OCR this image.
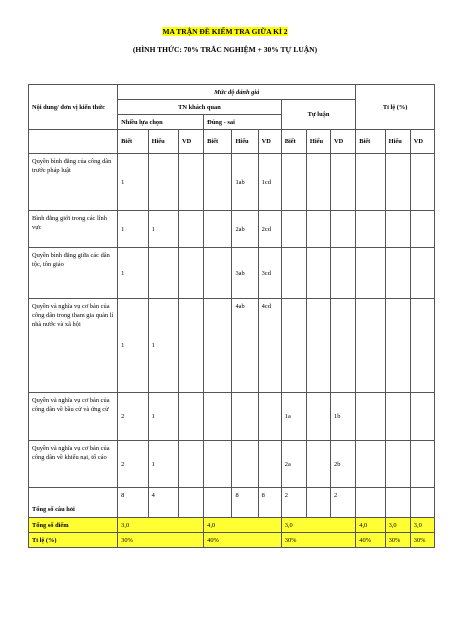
MA TRẬN ĐỀ KIỂM TRA GIỮA KÌ 2
(HÌNH THỨC: 70% TRẮC NGHIỆM + 30% TỰ LUẬN)
Nội dung/ đơn vị kiến thức	Mức độ đánh giá									Tỉ lệ (%)		
	TN khách quan						Tự luận					
	Nhiều lựa chọn			Đúng - sai								
	Biết	Hiểu	VD	Biết	Hiểu	VD	Biết	Hiểu	VD	Biết	Hiểu	VD
Quyền bình đẳng của công dân trước pháp luật	1				1ab	1cd						
Bình đẳng giới trong các lĩnh vực	1	1			2ab	2cd						
Quyền bình đẳng giữa các dân tộc, tôn giáo	1				3ab	3cd						
Quyền và nghĩa vụ cơ bản của công dân trong tham gia quản lí nhà nước và xã hội	1	1			4ab	4cd						
Quyền và nghĩa vụ cơ bản của công dân về bầu cử và ứng cử	2	1					1a		1b			
Quyền và nghĩa vụ cơ bản của công dân về khiếu nại, tố cáo	2	1					2a		2b			
Tổng số câu hỏi	8	4			8	8	2		2			
Tổng số điểm	3,0			4,0			3,0			4,0	3,0	3,0
Tỉ lệ (%)	30%			40%			30%			40%	30%	30%
